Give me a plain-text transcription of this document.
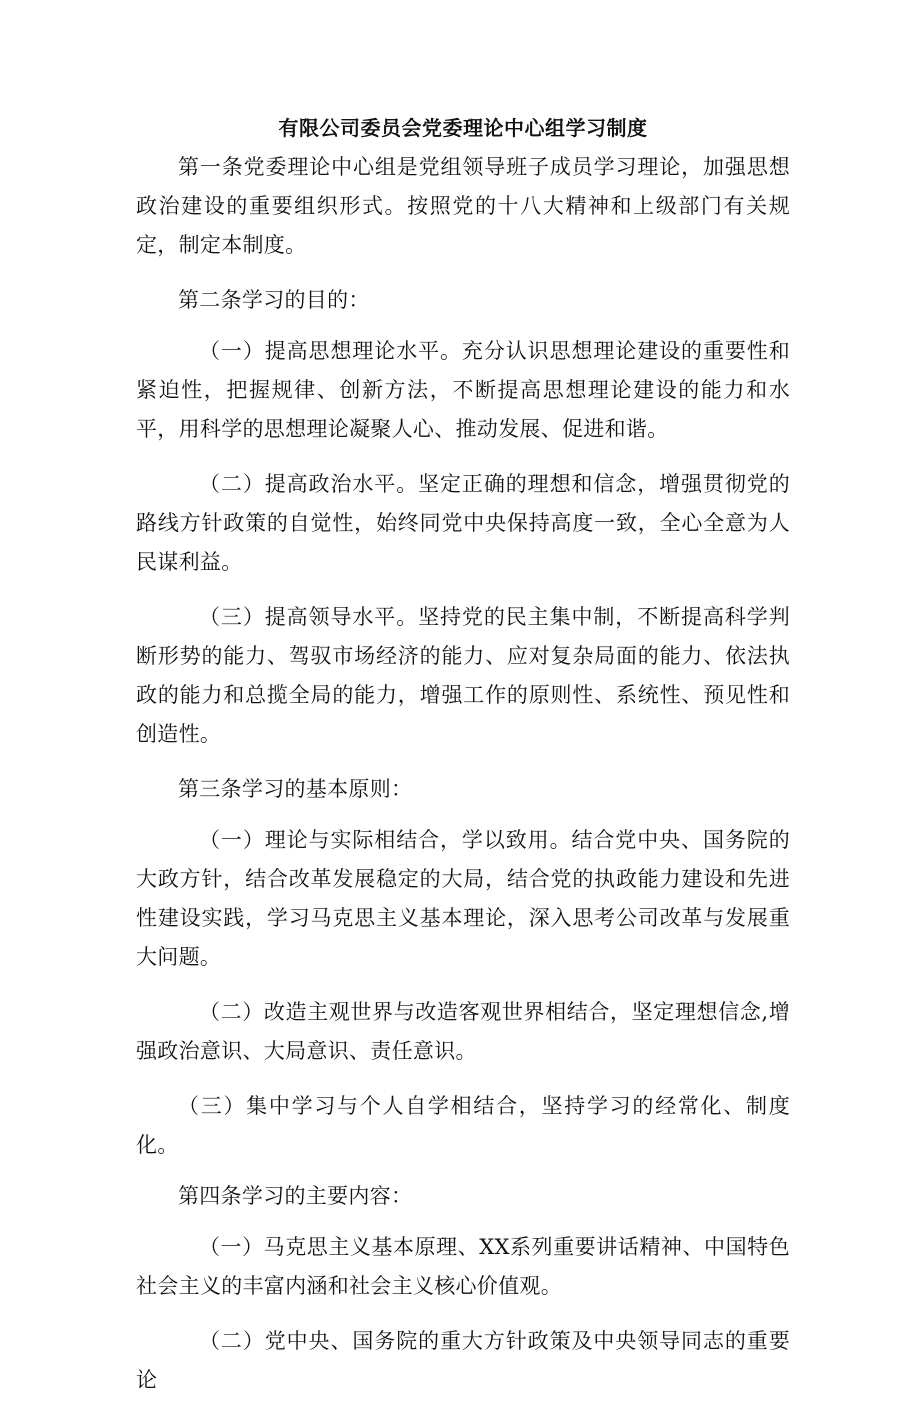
有限公司委员会党委理论中心组学习制度

第一条党委理论中心组是党组领导班子成员学习理论，加强思想政治建设的重要组织形式。按照党的十八大精神和上级部门有关规定，制定本制度。

第二条学习的目的：

（一）提高思想理论水平。充分认识思想理论建设的重要性和紧迫性，把握规律、创新方法，不断提高思想理论建设的能力和水平，用科学的思想理论凝聚人心、推动发展、促进和谐。

（二）提高政治水平。坚定正确的理想和信念，增强贯彻党的路线方针政策的自觉性，始终同党中央保持高度一致，全心全意为人民谋利益。

（三）提高领导水平。坚持党的民主集中制，不断提高科学判断形势的能力、驾驭市场经济的能力、应对复杂局面的能力、依法执政的能力和总揽全局的能力，增强工作的原则性、系统性、预见性和创造性。

第三条学习的基本原则：

（一）理论与实际相结合，学以致用。结合党中央、国务院的大政方针，结合改革发展稳定的大局，结合党的执政能力建设和先进性建设实践，学习马克思主义基本理论，深入思考公司改革与发展重大问题。

（二）改造主观世界与改造客观世界相结合，坚定理想信念,增强政治意识、大局意识、责任意识。

（三）集中学习与个人自学相结合，坚持学习的经常化、制度化。

第四条学习的主要内容：

（一）马克思主义基本原理、XX系列重要讲话精神、中国特色社会主义的丰富内涵和社会主义核心价值观。

（二）党中央、国务院的重大方针政策及中央领导同志的重要论
